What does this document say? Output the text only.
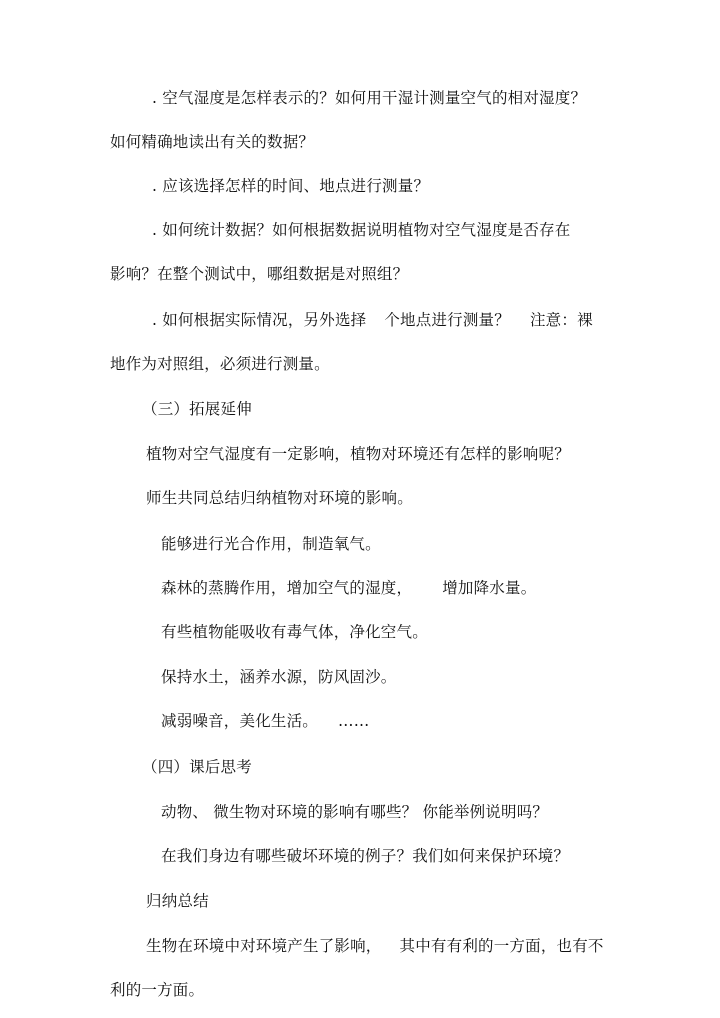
. 空气湿度是怎样表示的？如何用干湿计测量空气的相对湿度？

如何精确地读出有关的数据？

. 应该选择怎样的时间、地点进行测量？

. 如何统计数据？如何根据数据说明植物对空气湿度是否存在

影响？在整个测试中，哪组数据是对照组？

. 如何根据实际情况，另外选择 个地点进行测量？ 注意：裸

地作为对照组，必须进行测量。

（三）拓展延伸

植物对空气湿度有一定影响，植物对环境还有怎样的影响呢？

师生共同总结归纳植物对环境的影响。

能够进行光合作用，制造氧气。

森林的蒸腾作用，增加空气的湿度， 增加降水量。

有些植物能吸收有毒气体，净化空气。

保持水土，涵养水源，防风固沙。

减弱噪音，美化生活。 ……

（四）课后思考

动物、 微生物对环境的影响有哪些？ 你能举例说明吗？

在我们身边有哪些破坏环境的例子？我们如何来保护环境？

归纳总结

生物在环境中对环境产生了影响， 其中有有利的一方面，也有不

利的一方面。
